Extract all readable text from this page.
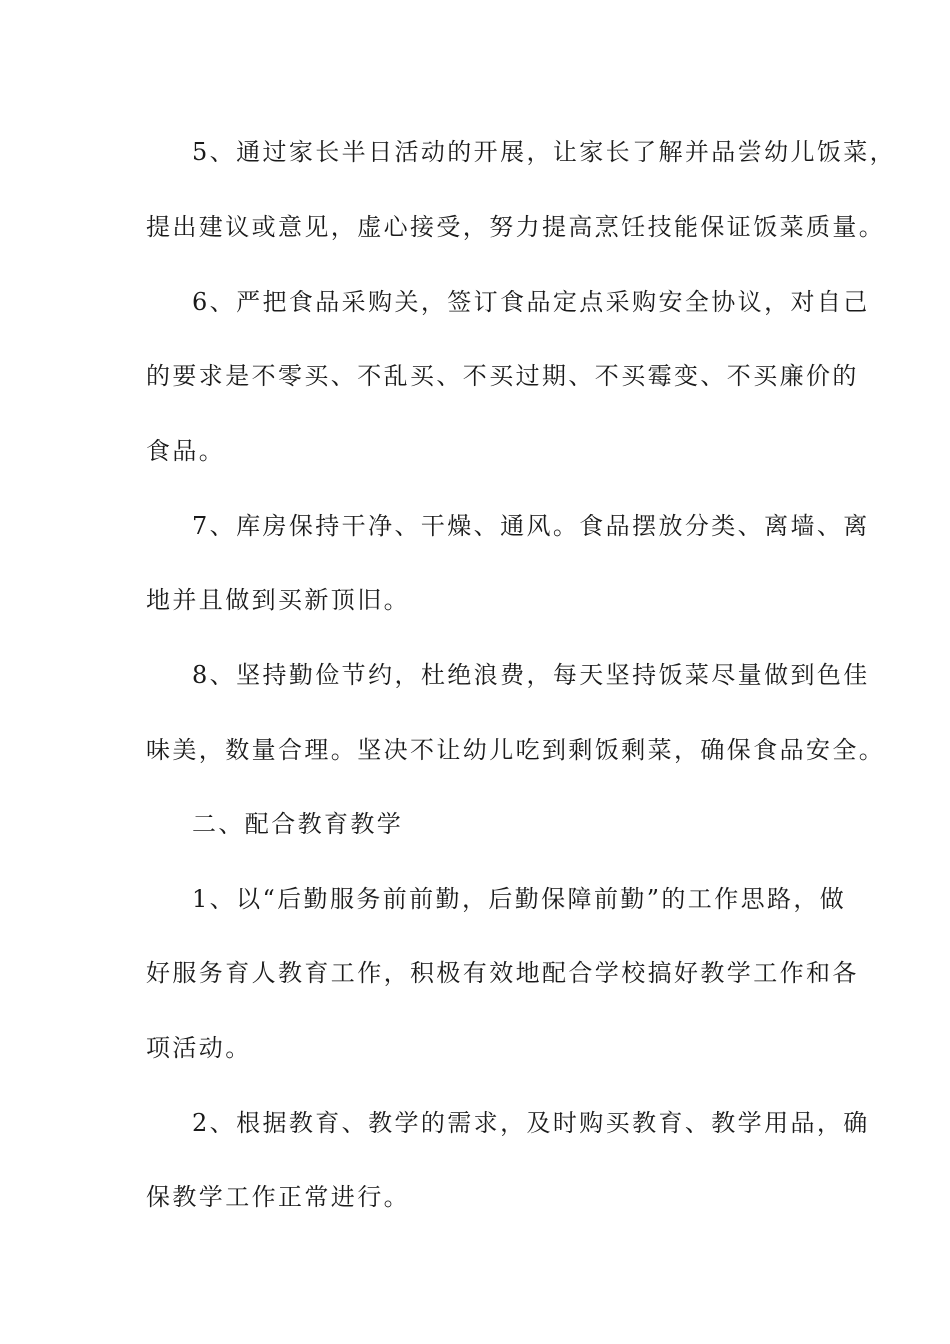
5、通过家长半日活动的开展，让家长了解并品尝幼儿饭菜，
提出建议或意见，虚心接受，努力提高烹饪技能保证饭菜质量。
6、严把食品采购关，签订食品定点采购安全协议，对自己
的要求是不零买、不乱买、不买过期、不买霉变、不买廉价的
食品。
7、库房保持干净、干燥、通风。食品摆放分类、离墙、离
地并且做到买新顶旧。
8、坚持勤俭节约，杜绝浪费，每天坚持饭菜尽量做到色佳
味美，数量合理。坚决不让幼儿吃到剩饭剩菜，确保食品安全。
二、配合教育教学
1、以“后勤服务前前勤，后勤保障前勤”的工作思路，做
好服务育人教育工作，积极有效地配合学校搞好教学工作和各
项活动。
2、根据教育、教学的需求，及时购买教育、教学用品，确
保教学工作正常进行。
